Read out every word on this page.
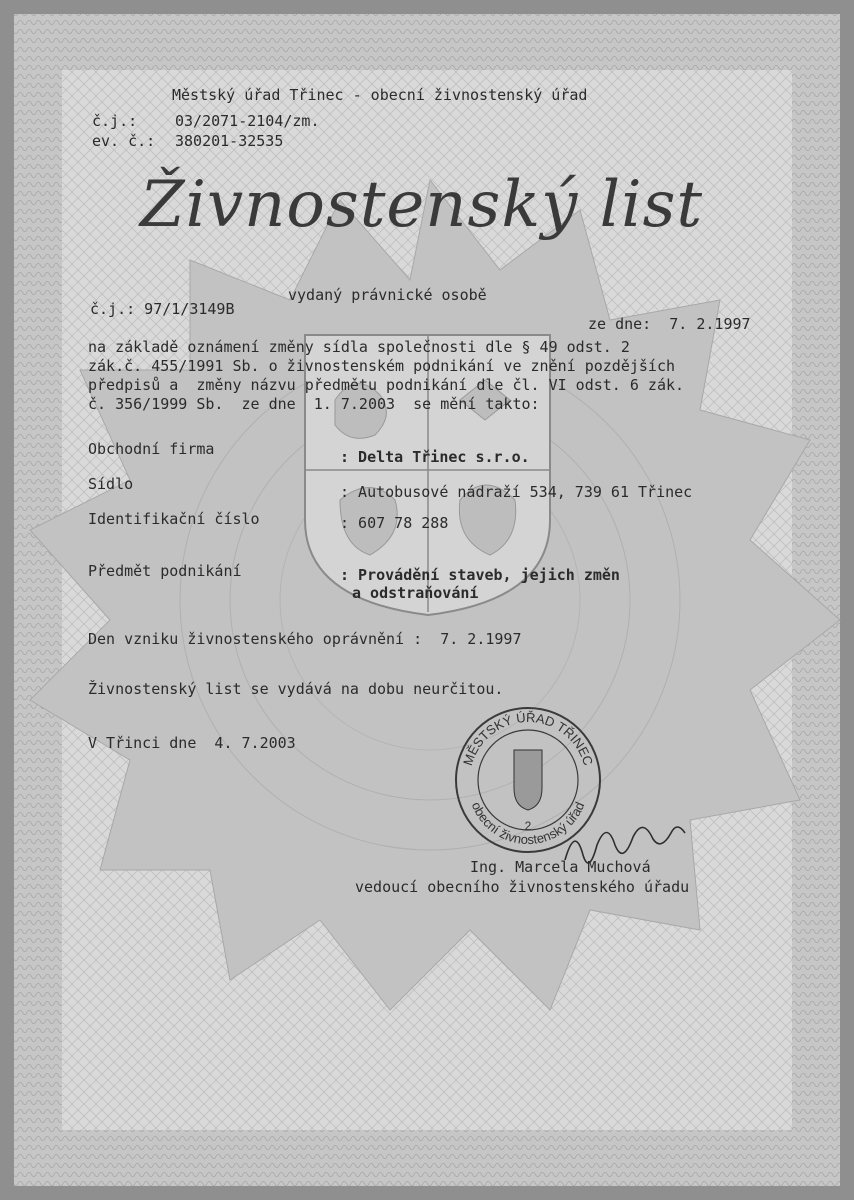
MĚSTSKÝ ÚŘAD TŘINEC
obecní živnostenský úřad
2
Městský úřad Třinec - obecní živnostenský úřad
č.j.:	03/2071-2104/zm.
ev. č.: 380201-32535
Živnostenský list
vydaný právnické osobě
č.j.: 97/1/3149B
ze dne:  7. 2.1997
na základě oznámení změny sídla společnosti dle § 49 odst. 2
zák.č. 455/1991 Sb. o živnostenském podnikání ve znění pozdějších
předpisů a  změny názvu předmětu podnikání dle čl. VI odst. 6 zák.
č. 356/1999 Sb.  ze dne  1. 7.2003  se mění takto:
Obchodní firma	: Delta Třinec s.r.o.
Sídlo	: Autobusové nádraží 534, 739 61 Třinec
Identifikační číslo	: 607 78 288
Předmět podnikání	: Provádění staveb, jejich změn
a odstraňování
Den vzniku živnostenského oprávnění :  7. 2.1997
Živnostenský list se vydává na dobu neurčitou.
V Třinci dne  4. 7.2003
Ing. Marcela Muchová
vedoucí obecního živnostenského úřadu
